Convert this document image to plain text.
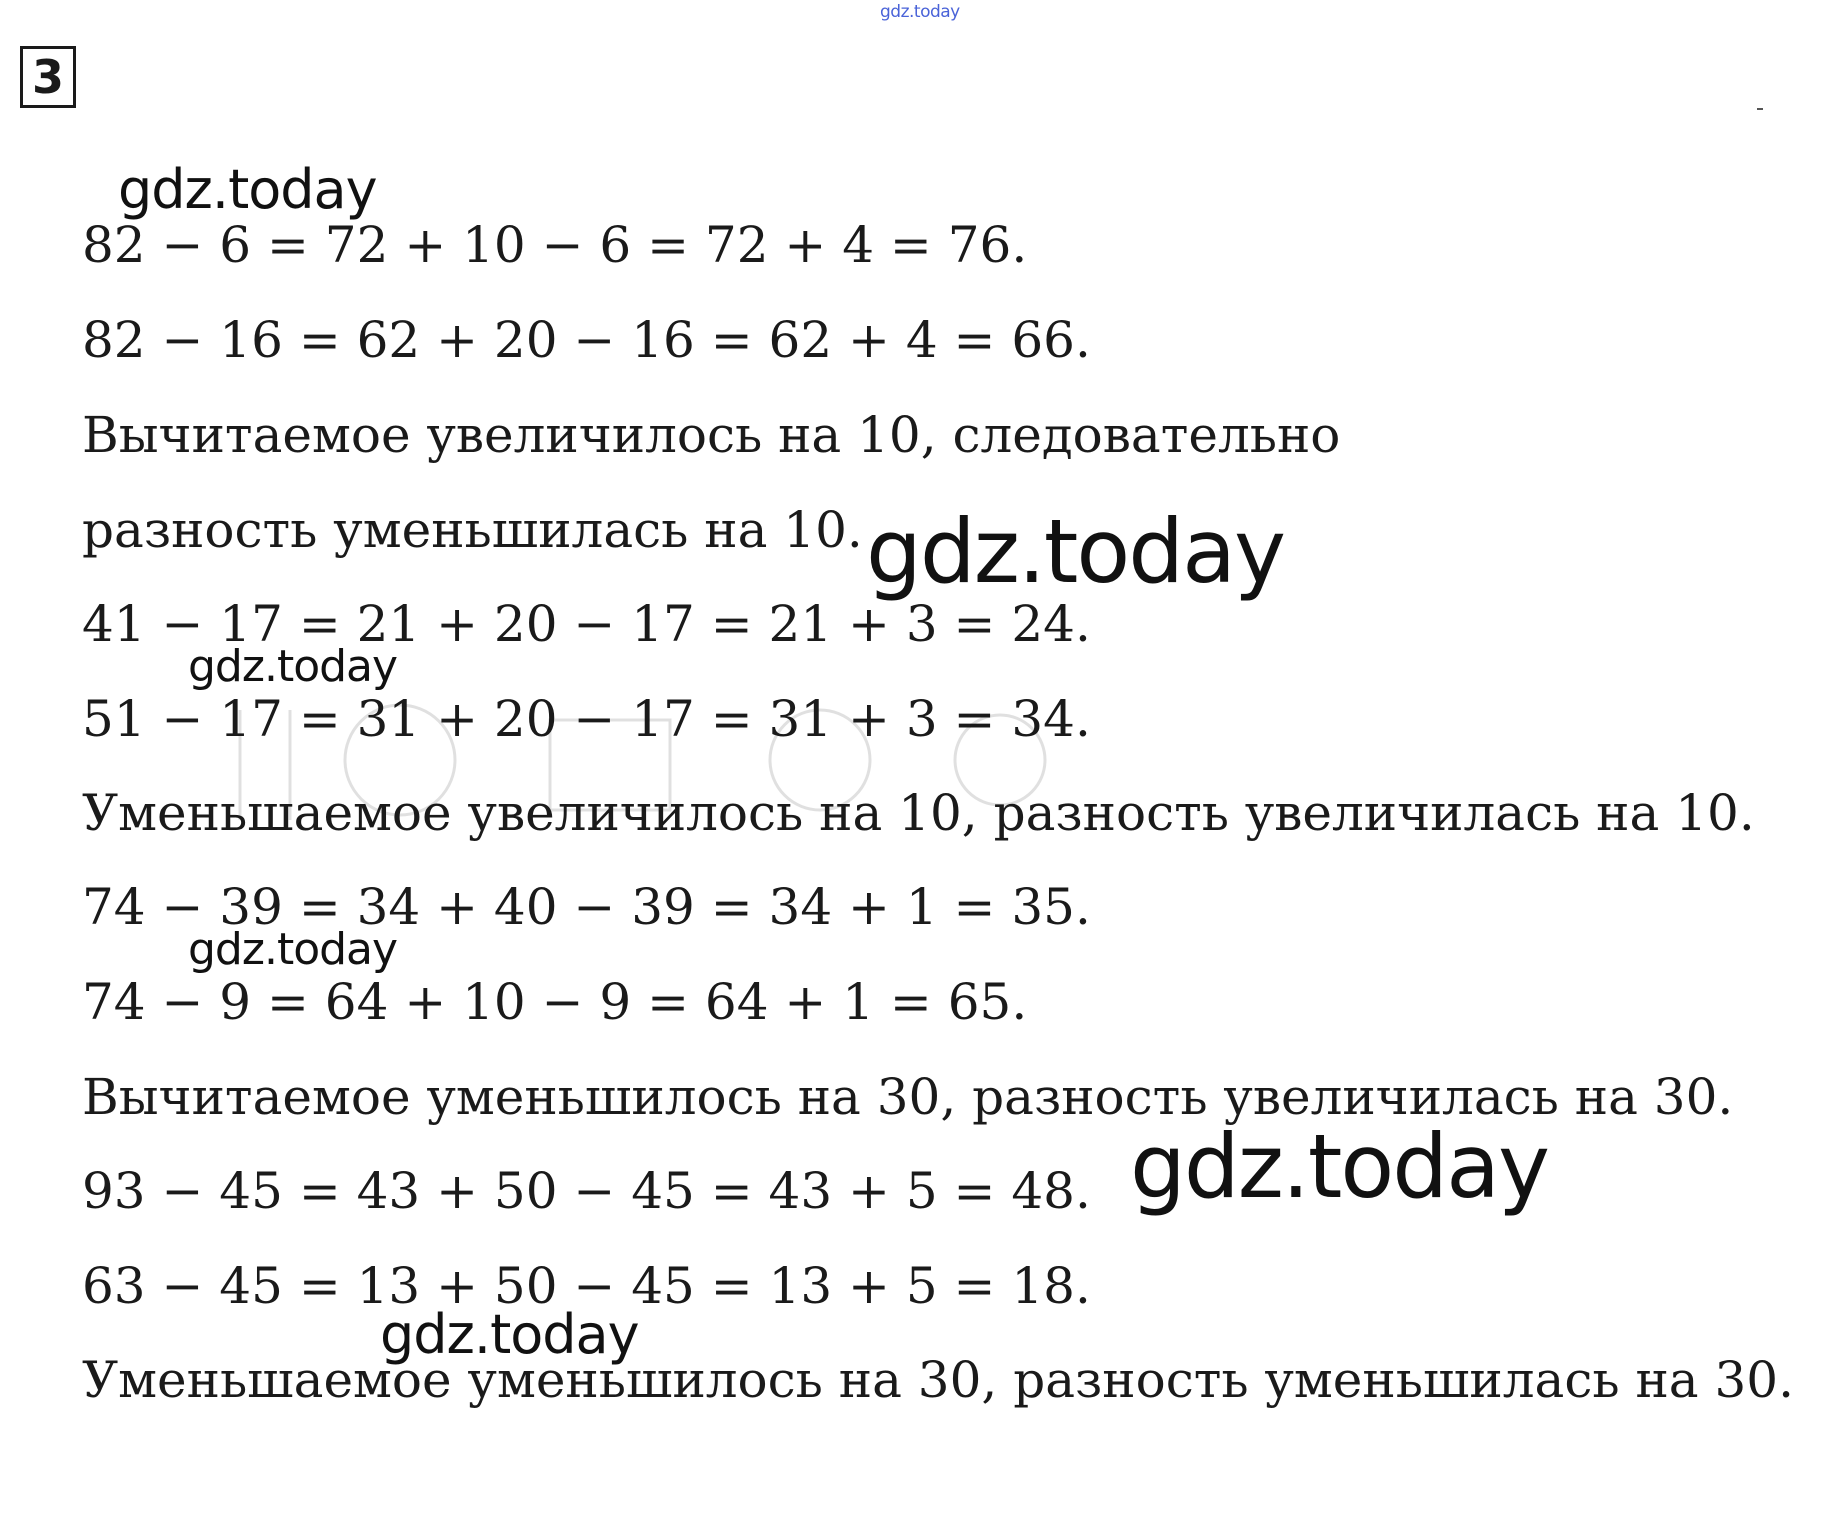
gdz.today
3
82 − 6 = 72 + 10 − 6 = 72 + 4 = 76.
82 − 16 = 62 + 20 − 16 = 62 + 4 = 66.
Вычитаемое увеличилось на 10, следовательно
разность уменьшилась на 10.
41 − 17 = 21 + 20 − 17 = 21 + 3 = 24.
51 − 17 = 31 + 20 − 17 = 31 + 3 = 34.
Уменьшаемое увеличилось на 10, разность увеличилась на 10.
74 − 39 = 34 + 40 − 39 = 34 + 1 = 35.
74 − 9 = 64 + 10 − 9 = 64 + 1 = 65.
Вычитаемое уменьшилось на 30, разность увеличилась на 30.
93 − 45 = 43 + 50 − 45 = 43 + 5 = 48.
63 − 45 = 13 + 50 − 45 = 13 + 5 = 18.
Уменьшаемое уменьшилось на 30, разность уменьшилась на 30.
gdz.today
gdz.today
gdz.today
gdz.today
gdz.today
gdz.today
